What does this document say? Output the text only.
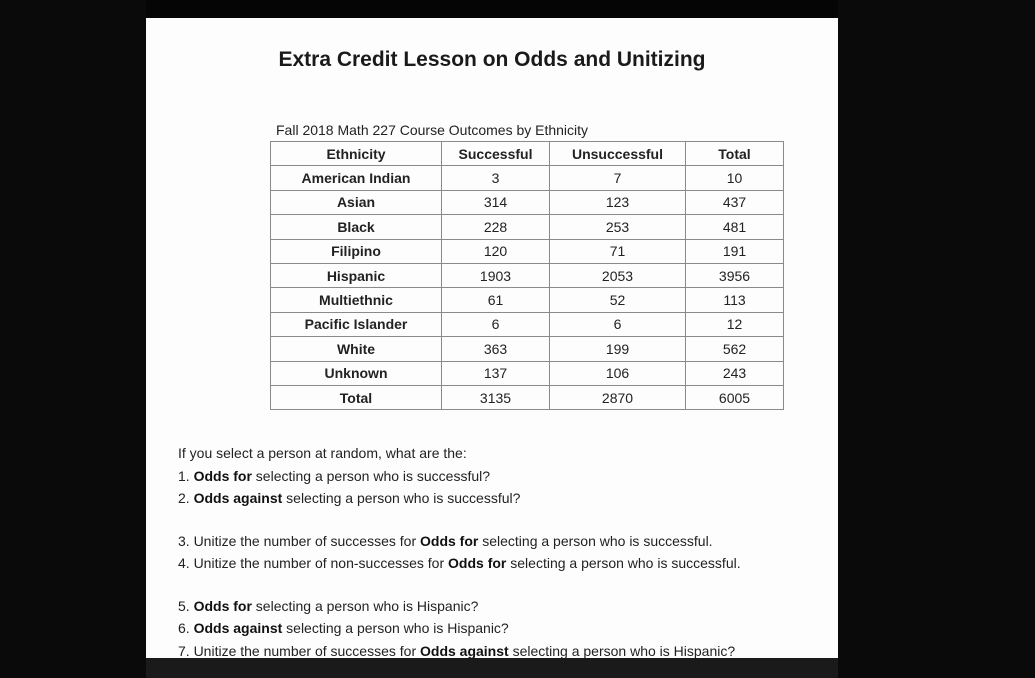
Extra Credit Lesson on Odds and Unitizing
Fall 2018 Math 227 Course Outcomes by Ethnicity
Ethnicity	Successful	Unsuccessful	Total
American Indian	3	7	10
Asian	314	123	437
Black	228	253	481
Filipino	120	71	191
Hispanic	1903	2053	3956
Multiethnic	61	52	113
Pacific Islander	6	6	12
White	363	199	562
Unknown	137	106	243
Total	3135	2870	6005
If you select a person at random, what are the:
1. Odds for selecting a person who is successful?
2. Odds against selecting a person who is successful?
3. Unitize the number of successes for Odds for selecting a person who is successful.
4. Unitize the number of non-successes for Odds for selecting a person who is successful.
5. Odds for selecting a person who is Hispanic?
6. Odds against selecting a person who is Hispanic?
7. Unitize the number of successes for Odds against selecting a person who is Hispanic?
